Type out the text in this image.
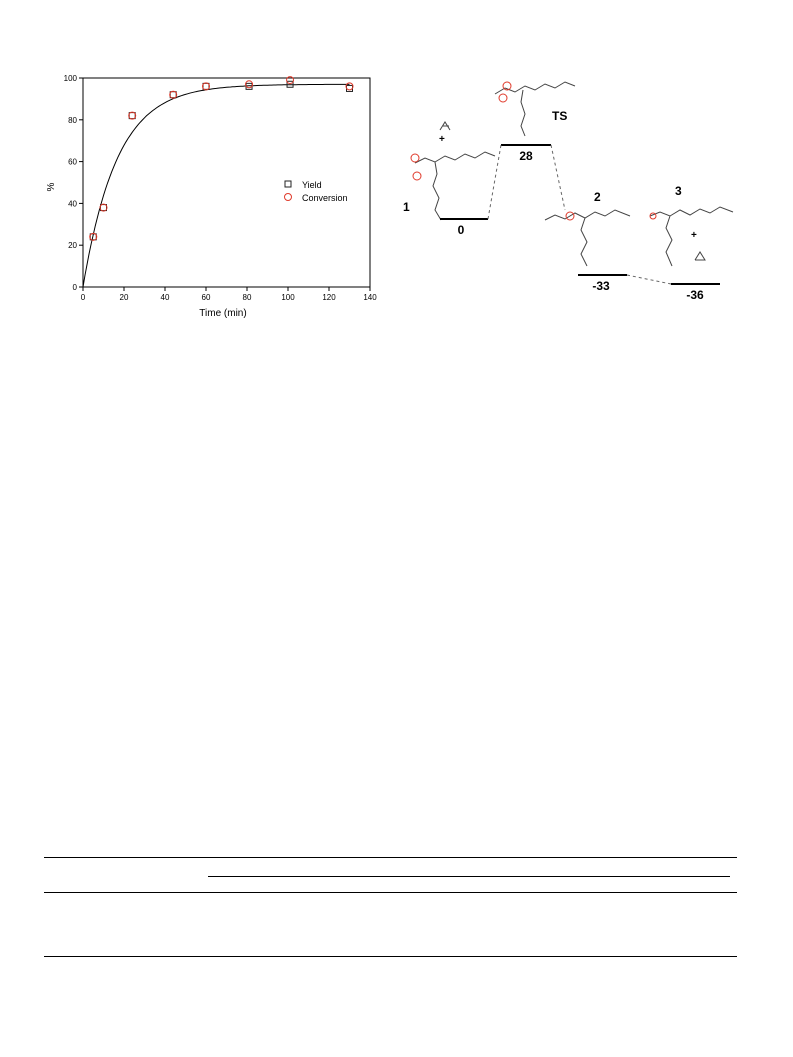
0	20	40	60	80	100	120	140
0
20
40
60
80
100
Time (min)
%	Yield
Conversion
+
1
0
TS
28
2
-33
3
+
-36
